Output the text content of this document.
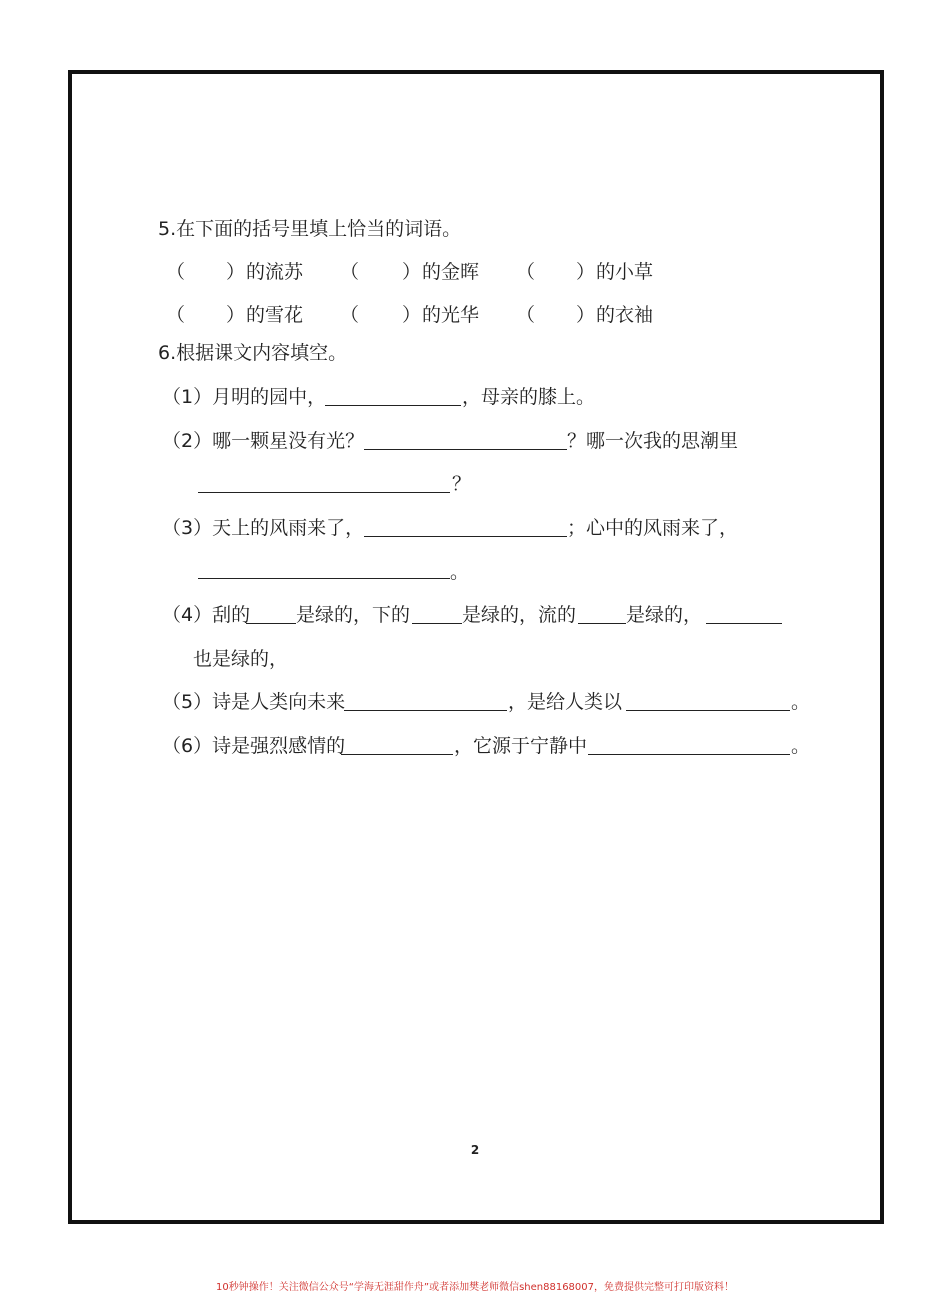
5.在下面的括号里填上恰当的词语。
（ ） 的流苏 （ ） 的金晖 （ ） 的小草
（ ） 的雪花 （ ） 的光华 （ ） 的衣袖
6.根据课文内容填空。
（1）月明的园中，	，母亲的膝上。
（2）哪一颗星没有光？	？哪一次我的思潮里
？
（3）天上的风雨来了，	；心中的风雨来了，
。
（4）刮的 是绿的，下的	是绿的，流的	是绿的，
也是绿的，
（5）诗是人类向未来	，是给人类以	。
（6）诗是强烈感情的	，它源于宁静中	。
2
10秒钟操作！关注微信公众号“学海无涯甜作舟”或者添加樊老师微信shen88168007，免费提供完整可打印版资料！
